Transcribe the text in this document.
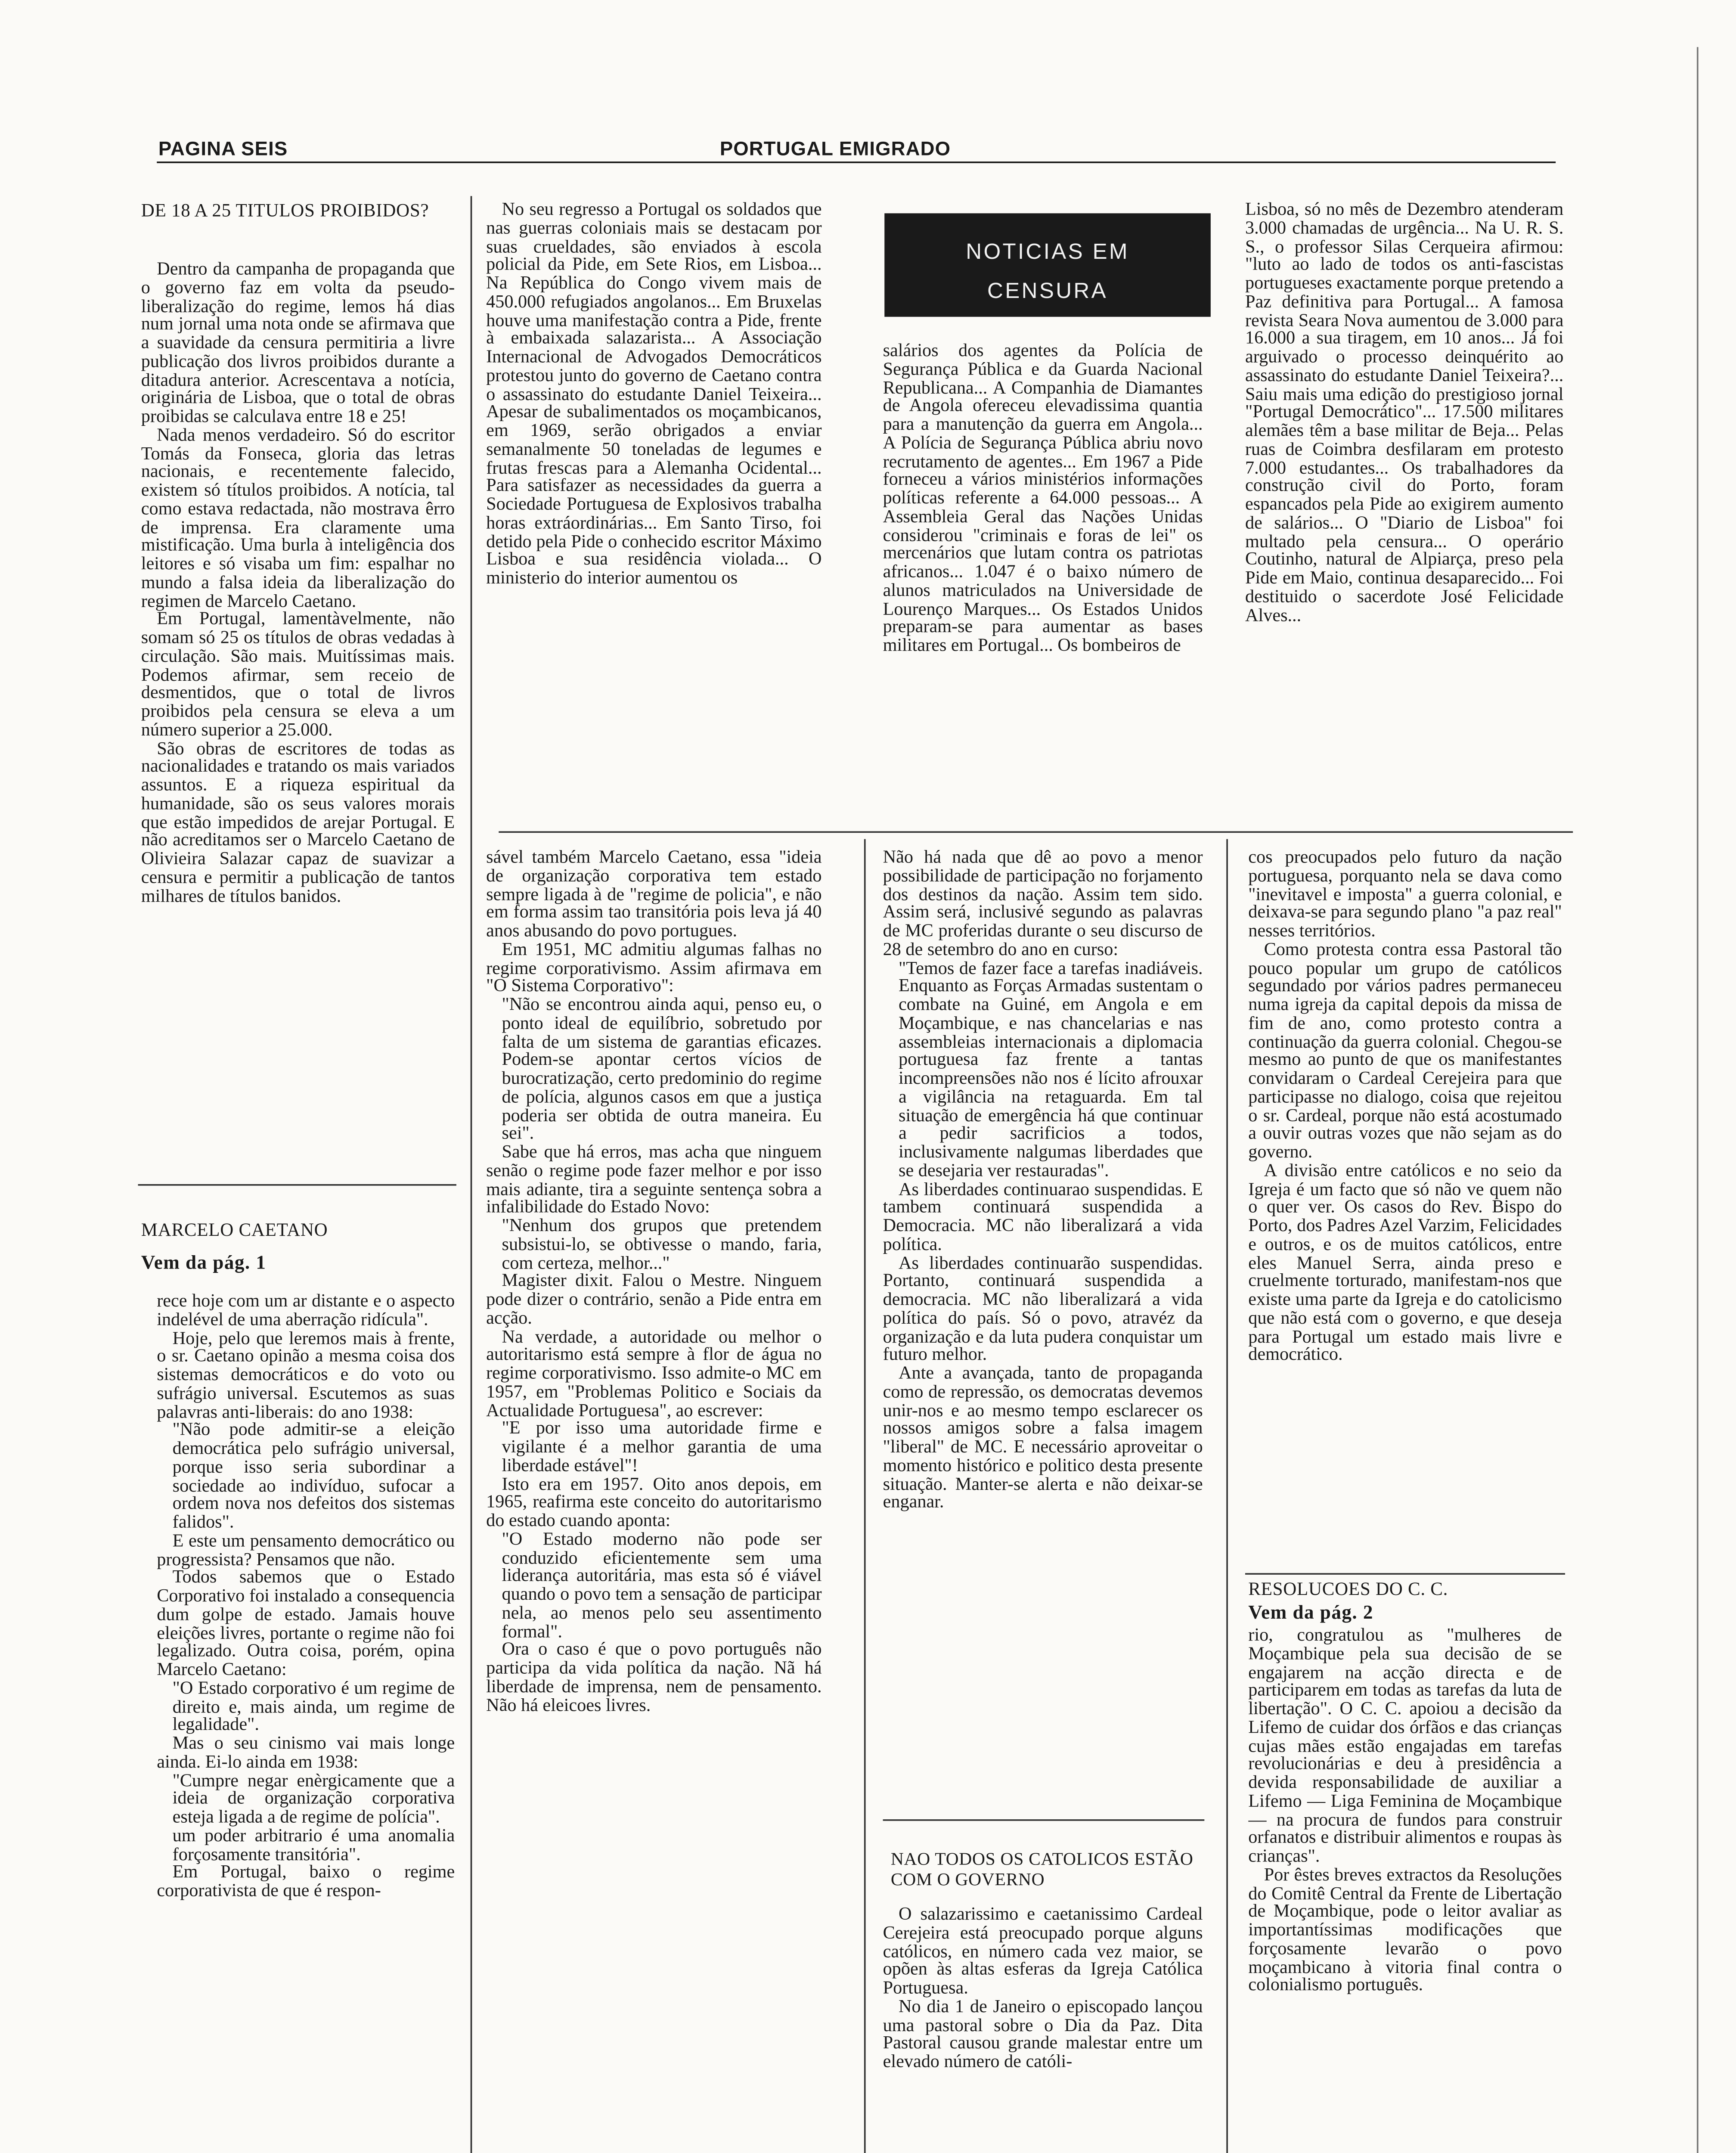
PAGINA SEIS	PORTUGAL EMIGRADO
DE 18 A 25 TITULOS PROIBIDOS?

Dentro da campanha de propaganda que o governo faz em volta da pseudo-liberalização do regime, lemos há dias num jornal uma nota onde se afirmava que a suavidade da censura permitiria a livre publicação dos livros proibidos durante a ditadura anterior. Acrescentava a notícia, originária de Lisboa, que o total de obras proibidas se calculava entre 18 e 25!

Nada menos verdadeiro. Só do escritor Tomás da Fonseca, gloria das letras nacionais, e recentemente falecido, existem só títulos proibidos. A notícia, tal como estava redactada, não mostrava êrro de imprensa. Era claramente uma mistificação. Uma burla à inteligência dos leitores e só visaba um fim: espalhar no mundo a falsa ideia da liberalização do regimen de Marcelo Caetano.

Em Portugal, lamentàvelmente, não somam só 25 os títulos de obras vedadas à circulação. São mais. Muitíssimas mais. Podemos afirmar, sem receio de desmentidos, que o total de livros proibidos pela censura se eleva a um número superior a 25.000.

São obras de escritores de todas as nacionalidades e tratando os mais variados assuntos. E a riqueza espiritual da humanidade, são os seus valores morais que estão impedidos de arejar Portugal. E não acreditamos ser o Marcelo Caetano de Olivieira Salazar capaz de suavizar a censura e permitir a publicação de tantos milhares de títulos banidos.

MARCELO CAETANO
Vem da pág. 1

rece hoje com um ar distante e o aspecto indelével de uma aberração ridícula".

Hoje, pelo que leremos mais à frente, o sr. Caetano opinão a mesma coisa dos sistemas democráticos e do voto ou sufrágio universal. Escutemos as suas palavras anti-liberais: do ano 1938:

"Não pode admitir-se a eleição democrática pelo sufrágio universal, porque isso seria subordinar a sociedade ao indivíduo, sufocar a ordem nova nos defeitos dos sistemas falidos".

E este um pensamento democrático ou progressista? Pensamos que não.

Todos sabemos que o Estado Corporativo foi instalado a consequencia dum golpe de estado. Jamais houve eleições livres, portante o regime não foi legalizado. Outra coisa, porém, opina Marcelo Caetano:

"O Estado corporativo é um regime de direito e, mais ainda, um regime de legalidade".

Mas o seu cinismo vai mais longe ainda. Ei-lo ainda em 1938:

"Cumpre negar enèrgicamente que a ideia de organização corporativa esteja ligada a de regime de polícia".

um poder arbitrario é uma anomalia forçosamente transitória".

Em Portugal, baixo o regime corporativista de que é respon-

No seu regresso a Portugal os soldados que nas guerras coloniais mais se destacam por suas crueldades, são enviados à escola policial da Pide, em Sete Rios, em Lisboa... Na República do Congo vivem mais de 450.000 refugiados angolanos... Em Bruxelas houve uma manifestação contra a Pide, frente à embaixada salazarista... A Associação Internacional de Advogados Democráticos protestou junto do governo de Caetano contra o assassinato do estudante Daniel Teixeira... Apesar de subalimentados os moçambicanos, em 1969, serão obrigados a enviar semanalmente 50 toneladas de legumes e frutas frescas para a Alemanha Ocidental... Para satisfazer as necessidades da guerra a Sociedade Portuguesa de Explosivos trabalha horas extráordinárias... Em Santo Tirso, foi detido pela Pide o conhecido escritor Máximo Lisboa e sua residência violada... O ministerio do interior aumentou os

NOTICIAS EM
CENSURA

salários dos agentes da Polícia de Segurança Pública e da Guarda Nacional Republicana... A Companhia de Diamantes de Angola ofereceu elevadissima quantia para a manutenção da guerra em Angola... A Polícia de Segurança Pública abriu novo recrutamento de agentes... Em 1967 a Pide forneceu a vários ministérios informações políticas referente a 64.000 pessoas... A Assembleia Geral das Nações Unidas considerou "criminais e foras de lei" os mercenários que lutam contra os patriotas africanos... 1.047 é o baixo número de alunos matriculados na Universidade de Lourenço Marques... Os Estados Unidos preparam-se para aumentar as bases militares em Portugal... Os bombeiros de

Lisboa, só no mês de Dezembro atenderam 3.000 chamadas de urgência... Na U. R. S. S., o professor Silas Cerqueira afirmou: "luto ao lado de todos os anti-fascistas portugueses exactamente porque pretendo a Paz definitiva para Portugal... A famosa revista Seara Nova aumentou de 3.000 para 16.000 a sua tiragem, em 10 anos... Já foi arguivado o processo deinquérito ao assassinato do estudante Daniel Teixeira?... Saiu mais uma edição do prestigioso jornal "Portugal Democrático"... 17.500 militares alemães têm a base militar de Beja... Pelas ruas de Coimbra desfilaram em protesto 7.000 estudantes... Os trabalhadores da construção civil do Porto, foram espancados pela Pide ao exigirem aumento de salários... O "Diario de Lisboa" foi multado pela censura... O operário Coutinho, natural de Alpiarça, preso pela Pide em Maio, continua desaparecido... Foi destituido o sacerdote José Felicidade Alves...

sável também Marcelo Caetano, essa "ideia de organização corporativa tem estado sempre ligada à de "regime de policia", e não em forma assim tao transitória pois leva já 40 anos abusando do povo portugues.

Em 1951, MC admitiu algumas falhas no regime corporativismo. Assim afirmava em "O Sistema Corporativo":

"Não se encontrou ainda aqui, penso eu, o ponto ideal de equilíbrio, sobretudo por falta de um sistema de garantias eficazes. Podem-se apontar certos vícios de burocratização, certo predominio do regime de polícia, algunos casos em que a justiça poderia ser obtida de outra maneira. Eu sei".

Sabe que há erros, mas acha que ninguem senão o regime pode fazer melhor e por isso mais adiante, tira a seguinte sentença sobra a infalibilidade do Estado Novo:

"Nenhum dos grupos que pretendem subsistui-lo, se obtivesse o mando, faria, com certeza, melhor..."

Magister dixit. Falou o Mestre. Ninguem pode dizer o contrário, senão a Pide entra em acção.

Na verdade, a autoridade ou melhor o autoritarismo está sempre à flor de água no regime corporativismo. Isso admite-o MC em 1957, em "Problemas Politico e Sociais da Actualidade Portuguesa", ao escrever:

"E por isso uma autoridade firme e vigilante é a melhor garantia de uma liberdade estável"!

Isto era em 1957. Oito anos depois, em 1965, reafirma este conceito do autoritarismo do estado cuando aponta:

"O Estado moderno não pode ser conduzido eficientemente sem uma liderança autoritária, mas esta só é viável quando o povo tem a sensação de participar nela, ao menos pelo seu assentimento formal".

Ora o caso é que o povo português não participa da vida política da nação. Nã há liberdade de imprensa, nem de pensamento. Não há eleicoes livres.

Não há nada que dê ao povo a menor possibilidade de participação no forjamento dos destinos da nação. Assim tem sido. Assim será, inclusivé segundo as palavras de MC proferidas durante o seu discurso de 28 de setembro do ano en curso:

"Temos de fazer face a tarefas inadiáveis. Enquanto as Forças Armadas sustentam o combate na Guiné, em Angola e em Moçambique, e nas chancelarias e nas assembleias internacionais a diplomacia portuguesa faz frente a tantas incompreensões não nos é lícito afrouxar a vigilância na retaguarda. Em tal situação de emergência há que continuar a pedir sacrificios a todos, inclusivamente nalgumas liberdades que se desejaria ver restauradas".

As liberdades continuarao suspendidas. E tambem continuará suspendida a Democracia. MC não liberalizará a vida política.

As liberdades continuarão suspendidas. Portanto, continuará suspendida a democracia. MC não liberalizará a vida política do país. Só o povo, atravéz da organização e da luta pudera conquistar um futuro melhor.

Ante a avançada, tanto de propaganda como de repressão, os democratas devemos unir-nos e ao mesmo tempo esclarecer os nossos amigos sobre a falsa imagem "liberal" de MC. E necessário aproveitar o momento histórico e politico desta presente situação. Manter-se alerta e não deixar-se enganar.

NAO TODOS OS CATOLICOS ESTÃO COM O GOVERNO

O salazarissimo e caetanissimo Cardeal Cerejeira está preocupado porque alguns católicos, en número cada vez maior, se opõen às altas esferas da Igreja Católica Portuguesa.

No dia 1 de Janeiro o episcopado lançou uma pastoral sobre o Dia da Paz. Dita Pastoral causou grande malestar entre um elevado número de católi-

cos preocupados pelo futuro da nação portuguesa, porquanto nela se dava como "inevitavel e imposta" a guerra colonial, e deixava-se para segundo plano "a paz real" nesses territórios.

Como protesta contra essa Pastoral tão pouco popular um grupo de católicos segundado por vários padres permaneceu numa igreja da capital depois da missa de fim de ano, como protesto contra a continuação da guerra colonial. Chegou-se mesmo ao punto de que os manifestantes convidaram o Cardeal Cerejeira para que participasse no dialogo, coisa que rejeitou o sr. Cardeal, porque não está acostumado a ouvir outras vozes que não sejam as do governo.

A divisão entre católicos e no seio da Igreja é um facto que só não ve quem não o quer ver. Os casos do Rev. Bispo do Porto, dos Padres Azel Varzim, Felicidades e outros, e os de muitos católicos, entre eles Manuel Serra, ainda preso e cruelmente torturado, manifestam-nos que existe uma parte da Igreja e do catolicismo que não está com o governo, e que deseja para Portugal um estado mais livre e democrático.

RESOLUCOES DO C. C.
Vem da pág. 2

rio, congratulou as "mulheres de Moçambique pela sua decisão de se engajarem na acção directa e de participarem em todas as tarefas da luta de libertação". O C. C. apoiou a decisão da Lifemo de cuidar dos órfãos e das crianças cujas mães estão engajadas em tarefas revolucionárias e deu à presidência a devida responsabilidade de auxiliar a Lifemo — Liga Feminina de Moçambique — na procura de fundos para construir orfanatos e distribuir alimentos e roupas às crianças".

Por êstes breves extractos da Resoluções do Comitê Central da Frente de Libertação de Moçambique, pode o leitor avaliar as importantíssimas modificações que forçosamente levarão o povo moçambicano à vitoria final contra o colonialismo português.
